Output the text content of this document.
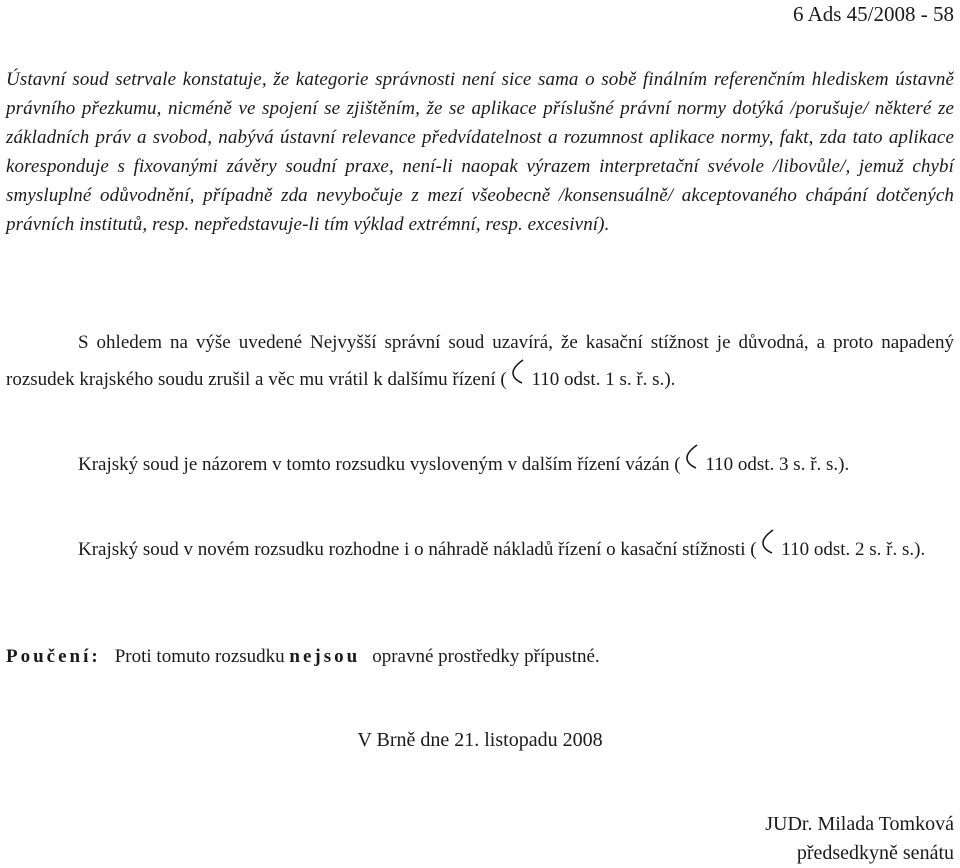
6 Ads 45/2008 - 58
Ústavní soud setrvale konstatuje, že kategorie správnosti není sice sama o sobě finálním referenčním hlediskem ústavně právního přezkumu, nicméně ve spojení se zjištěním, že se aplikace příslušné právní normy dotýká /porušuje/ některé ze základních práv a svobod, nabývá ústavní relevance předvídatelnost a rozumnost aplikace normy, fakt, zda tato aplikace koresponduje s fixovanými závěry soudní praxe, není-li naopak výrazem interpretační svévole /libovůle/, jemuž chybí smysluplné odůvodnění, případně zda nevybočuje z mezí všeobecně /konsensuálně/ akceptovaného chápání dotčených právních institutů, resp. nepředstavuje-li tím výklad extrémní, resp. excesivní).
S ohledem na výše uvedené Nejvyšší správní soud uzavírá, že kasační stížnost je důvodná, a proto napadený rozsudek krajského soudu zrušil a věc mu vrátil k dalšímu řízení (
110 odst. 1 s. ř. s.).
Krajský soud je názorem v tomto rozsudku vysloveným v dalším řízení vázán (
110 odst. 3 s. ř. s.).
Krajský soud v novém rozsudku rozhodne i o náhradě nákladů řízení o kasační stížnosti (
110 odst. 2 s. ř. s.).
Poučení: Proti tomuto rozsudku nejsou opravné prostředky přípustné.
V Brně dne 21. listopadu 2008
JUDr. Milada Tomková
předsedkyně senátu
